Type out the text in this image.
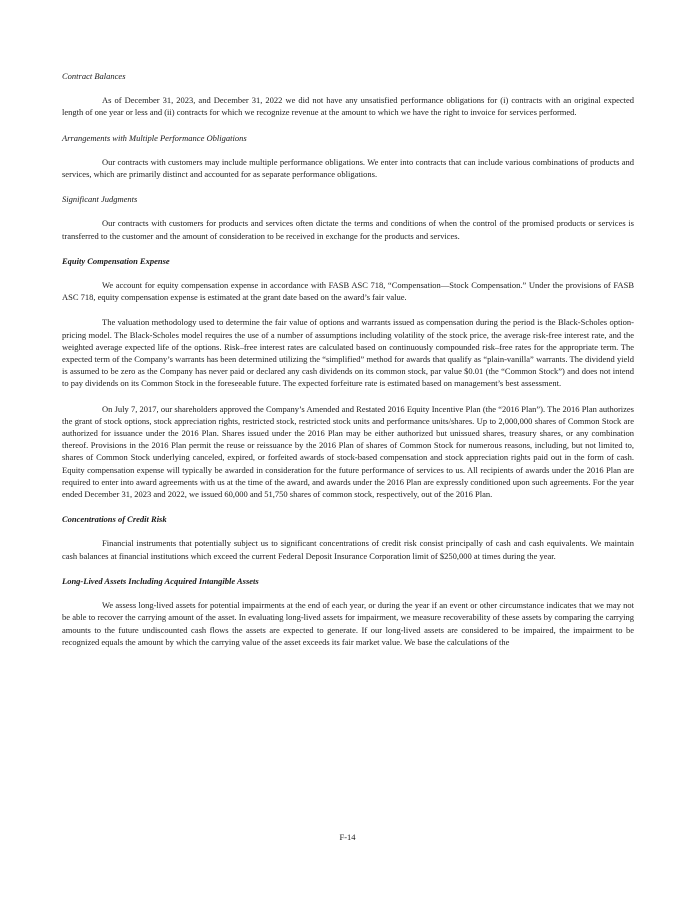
Contract Balances

As of December 31, 2023, and December 31, 2022 we did not have any unsatisfied performance obligations for (i) contracts with an original expected length of one year or less and (ii) contracts for which we recognize revenue at the amount to which we have the right to invoice for services performed.

Arrangements with Multiple Performance Obligations

Our contracts with customers may include multiple performance obligations. We enter into contracts that can include various combinations of products and services, which are primarily distinct and accounted for as separate performance obligations.

Significant Judgments

Our contracts with customers for products and services often dictate the terms and conditions of when the control of the promised products or services is transferred to the customer and the amount of consideration to be received in exchange for the products and services.

Equity Compensation Expense

We account for equity compensation expense in accordance with FASB ASC 718, “Compensation—Stock Compensation.” Under the provisions of FASB ASC 718, equity compensation expense is estimated at the grant date based on the award’s fair value.

The valuation methodology used to determine the fair value of options and warrants issued as compensation during the period is the Black-Scholes option-pricing model. The Black-Scholes model requires the use of a number of assumptions including volatility of the stock price, the average risk-free interest rate, and the weighted average expected life of the options. Risk–free interest rates are calculated based on continuously compounded risk–free rates for the appropriate term. The expected term of the Company’s warrants has been determined utilizing the “simplified” method for awards that qualify as “plain-vanilla” warrants. The dividend yield is assumed to be zero as the Company has never paid or declared any cash dividends on its common stock, par value $0.01 (the “Common Stock”) and does not intend to pay dividends on its Common Stock in the foreseeable future. The expected forfeiture rate is estimated based on management’s best assessment.

On July 7, 2017, our shareholders approved the Company’s Amended and Restated 2016 Equity Incentive Plan (the “2016 Plan”). The 2016 Plan authorizes the grant of stock options, stock appreciation rights, restricted stock, restricted stock units and performance units/shares. Up to 2,000,000 shares of Common Stock are authorized for issuance under the 2016 Plan. Shares issued under the 2016 Plan may be either authorized but unissued shares, treasury shares, or any combination thereof. Provisions in the 2016 Plan permit the reuse or reissuance by the 2016 Plan of shares of Common Stock for numerous reasons, including, but not limited to, shares of Common Stock underlying canceled, expired, or forfeited awards of stock-based compensation and stock appreciation rights paid out in the form of cash. Equity compensation expense will typically be awarded in consideration for the future performance of services to us. All recipients of awards under the 2016 Plan are required to enter into award agreements with us at the time of the award, and awards under the 2016 Plan are expressly conditioned upon such agreements. For the year ended December 31, 2023 and 2022, we issued 60,000 and 51,750 shares of common stock, respectively, out of the 2016 Plan.

Concentrations of Credit Risk

Financial instruments that potentially subject us to significant concentrations of credit risk consist principally of cash and cash equivalents. We maintain cash balances at financial institutions which exceed the current Federal Deposit Insurance Corporation limit of $250,000 at times during the year.

Long-Lived Assets Including Acquired Intangible Assets

We assess long-lived assets for potential impairments at the end of each year, or during the year if an event or other circumstance indicates that we may not be able to recover the carrying amount of the asset. In evaluating long-lived assets for impairment, we measure recoverability of these assets by comparing the carrying amounts to the future undiscounted cash flows the assets are expected to generate. If our long-lived assets are considered to be impaired, the impairment to be recognized equals the amount by which the carrying value of the asset exceeds its fair market value. We base the calculations of the

F-14
